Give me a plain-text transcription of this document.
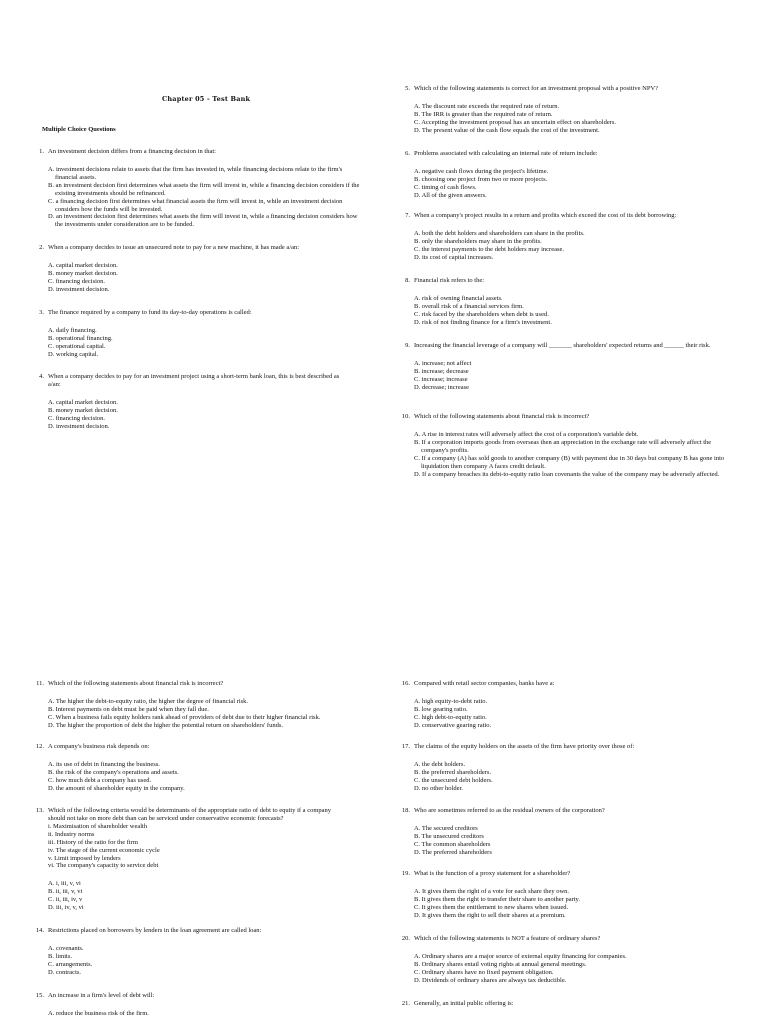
Chapter 05 - Test Bank
Multiple Choice Questions
1. An investment decision differs from a financing decision in that:
A. investment decisions relate to assets that the firm has invested in, while financing decisions relate to the firm's financial assets.
B. an investment decision first determines what assets the firm will invest in, while a financing decision considers if the existing investments should be refinanced.
C. a financing decision first determines what financial assets the firm will invest in, while an investment decision considers how the funds will be invested.
D. an investment decision first determines what assets the firm will invest in, while a financing decision considers how the investments under consideration are to be funded.
2. When a company decides to issue an unsecured note to pay for a new machine, it has made a/an:
A. capital market decision.
B. money market decision.
C. financing decision.
D. investment decision.
3. The finance required by a company to fund its day-to-day operations is called:
A. daily financing.
B. operational financing.
C. operational capital.
D. working capital.
4. When a company decides to pay for an investment project using a short-term bank loan, this is best described as a/an:
A. capital market decision.
B. money market decision.
C. financing decision.
D. investment decision.
5. Which of the following statements is correct for an investment proposal with a positive NPV?
A. The discount rate exceeds the required rate of return.
B. The IRR is greater than the required rate of return.
C. Accepting the investment proposal has an uncertain effect on shareholders.
D. The present value of the cash flow equals the cost of the investment.
6. Problems associated with calculating an internal rate of return include:
A. negative cash flows during the project's lifetime.
B. choosing one project from two or more projects.
C. timing of cash flows.
D. All of the given answers.
7. When a company's project results in a return and profits which exceed the cost of its debt borrowing:
A. both the debt holders and shareholders can share in the profits.
B. only the shareholders may share in the profits.
C. the interest payments to the debt holders may increase.
D. its cost of capital increases.
8. Financial risk refers to the:
A. risk of owning financial assets.
B. overall risk of a financial services firm.
C. risk faced by the shareholders when debt is used.
D. risk of not finding finance for a firm's investment.
9. Increasing the financial leverage of a company will _______ shareholders' expected returns and ______ their risk.
A. increase; not affect
B. increase; decrease
C. increase; increase
D. decrease; increase
10. Which of the following statements about financial risk is incorrect?
A. A rise in interest rates will adversely affect the cost of a corporation's variable debt.
B. If a corporation imports goods from overseas then an appreciation in the exchange rate will adversely affect the company's profits.
C. If a company (A) has sold goods to another company (B) with payment due in 30 days but company B has gone into liquidation then company A faces credit default.
D. If a company breaches its debt-to-equity ratio loan covenants the value of the company may be adversely affected.
11. Which of the following statements about financial risk is incorrect?
A. The higher the debt-to-equity ratio, the higher the degree of financial risk.
B. Interest payments on debt must be paid when they fall due.
C. When a business fails equity holders rank ahead of providers of debt due to their higher financial risk.
D. The higher the proportion of debt the higher the potential return on shareholders' funds.
12. A company's business risk depends on:
A. its use of debt in financing the business.
B. the risk of the company's operations and assets.
C. how much debt a company has used.
D. the amount of shareholder equity in the company.
13. Which of the following criteria would be determinants of the appropriate ratio of debt to equity if a company should not take on more debt than can be serviced under conservative economic forecasts?
i. Maximisation of shareholder wealth
ii. Industry norms
iii. History of the ratio for the firm
iv. The stage of the current economic cycle
v. Limit imposed by lenders
vi. The company's capacity to service debt
A. i, iii, v, vi
B. ii, iii, v, vi
C. ii, iii, iv, v
D. iii, iv, v, vi
14. Restrictions placed on borrowers by lenders in the loan agreement are called loan:
A. covenants.
B. limits.
C. arrangements.
D. contracts.
15. An increase in a firm's level of debt will:
A. reduce the business risk of the firm.
16. Compared with retail sector companies, banks have a:
A. high equity-to-debt ratio.
B. low gearing ratio.
C. high debt-to-equity ratio.
D. conservative gearing ratio.
17. The claims of the equity holders on the assets of the firm have priority over those of:
A. the debt holders.
B. the preferred shareholders.
C. the unsecured debt holders.
D. no other holder.
18. Who are sometimes referred to as the residual owners of the corporation?
A. The secured creditors
B. The unsecured creditors
C. The common shareholders
D. The preferred shareholders
19. What is the function of a proxy statement for a shareholder?
A. It gives them the right of a vote for each share they own.
B. It gives them the right to transfer their share to another party.
C. It gives them the entitlement to new shares when issued.
D. It gives them the right to sell their shares at a premium.
20. Which of the following statements is NOT a feature of ordinary shares?
A. Ordinary shares are a major source of external equity financing for companies.
B. Ordinary shares entail voting rights at annual general meetings.
C. Ordinary shares have no fixed payment obligation.
D. Dividends of ordinary shares are always tax deductible.
21. Generally, an initial public offering is:
